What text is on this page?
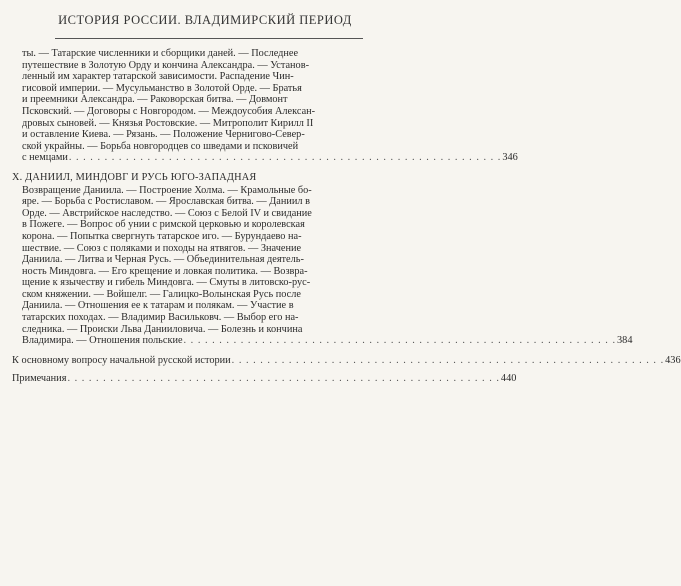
ИСТОРИЯ РОССИИ. ВЛАДИМИРСКИЙ ПЕРИОД
ты. — Татарские численники и сборщики даней. — Последнее
путешествие в Золотую Орду и кончина Александра. — Установ-
ленный им характер татарской зависимости. Распадение Чин-
гисовой империи. — Мусульманство в Золотой Орде. — Братья
и преемники Александра. — Раковорская битва. — Довмонт
Псковский. — Договоры с Новгородом. — Междоусобия Алексан-
дровых сыновей. — Князья Ростовские. — Митрополит Кирилл II
и оставление Киева. — Рязань. — Положение Черниговo-Север-
ской украйны. — Борьба новгородцев со шведами и псковичей
с немцами . . . . . . . . . . . . . . . . . . . . . . . . . . . . . . . . . . . . . . . . . . . . . . . . . . . . . . . . . . . . . 346
X. ДАНИИЛ, МИНДОВГ И РУСЬ ЮГО-ЗАПАДНАЯ
Возвращение Даниила. — Построение Холма. — Крамольные бо-
яре. — Борьба с Ростиславом. — Ярославская битва. — Даниил в
Орде. — Австрийское наследство. — Союз с Белой IV и свидание
в Пожеге. — Вопрос об унии с римской церковью и королевская
корона. — Попытка свергнуть татарское иго. — Бурундаево на-
шествие. — Союз с поляками и походы на ятвягов. — Значение
Даниила. — Литва и Черная Русь. — Объединительная деятель-
ность Миндовга. — Его крещение и ловкая политика. — Возвра-
щение к язычеству и гибель Миндовга. — Смуты в литовско-рус-
ском княжении. — Войшелг. — Галицко-Волынская Русь после
Даниила. — Отношения ее к татарам и полякам. — Участие в
татарских походах. — Владимир Васильковч. — Выбор его на-
следника. — Происки Льва Данииловича. — Болезнь и кончина
Владимира. — Отношения польские . . . . . . . . . . . . . . . . . . . . . . . . . . . . . . . . . . . . . . . . . . . . . . . . . . . . . . . . . . . . . 384
К основному вопросу начальной русской истории . . . . . . . . . . . . . . . . . . . . . . . . . . . . . . . . . . . . . . . . . . . . . . . . . . . . . . . . . . . . . 436
Примечания . . . . . . . . . . . . . . . . . . . . . . . . . . . . . . . . . . . . . . . . . . . . . . . . . . . . . . . . . . . . . 440
